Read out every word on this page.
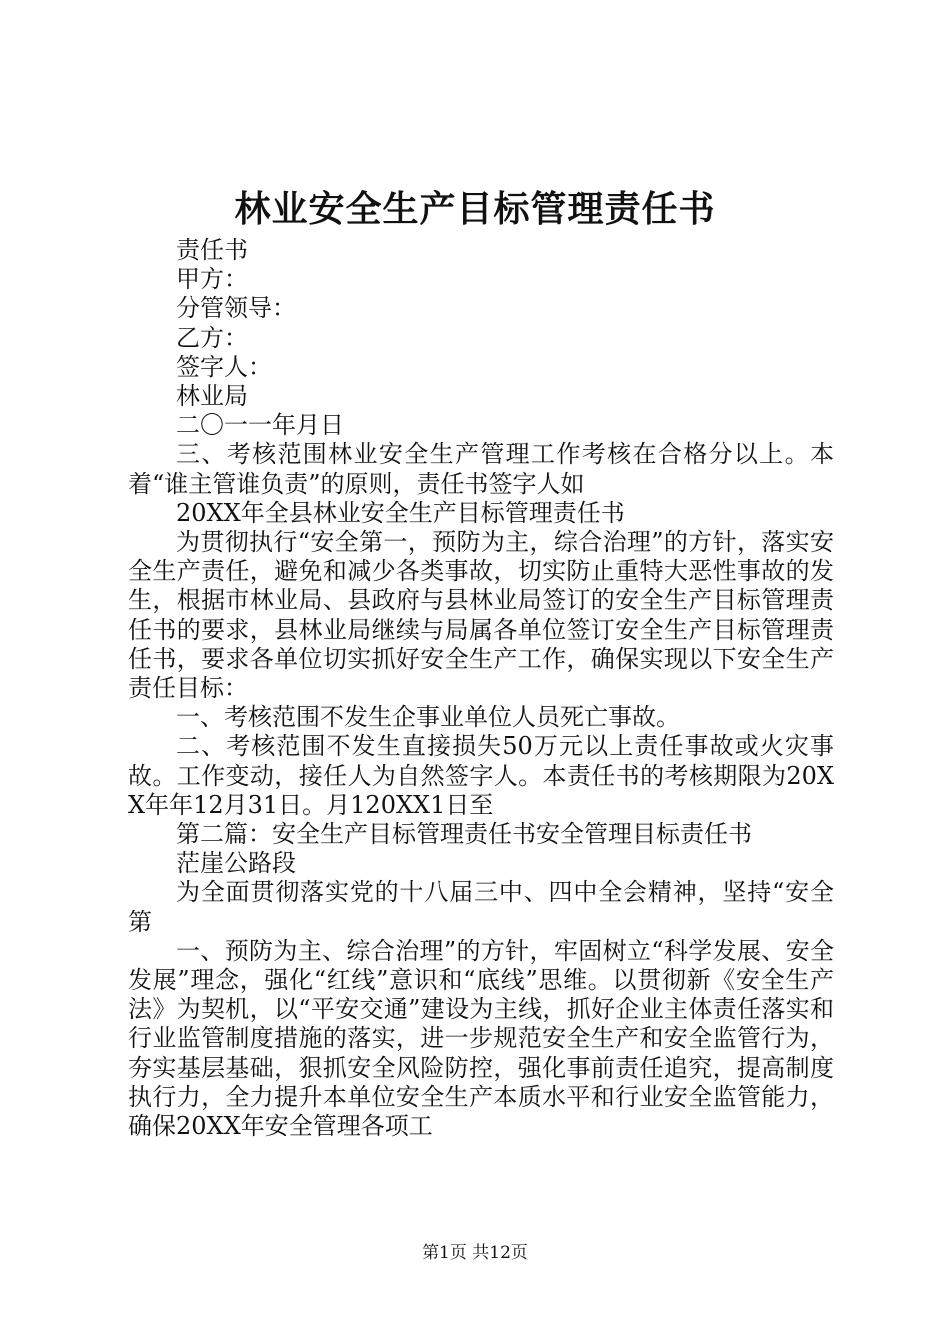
林业安全生产目标管理责任书

责任书

甲方：

分管领导：

乙方：

签字人：

林业局

二〇一一年月日

三、考核范围林业安全生产管理工作考核在合格分以上。本着“谁主管谁负责”的原则，责任书签字人如

20XX年全县林业安全生产目标管理责任书

为贯彻执行“安全第一，预防为主，综合治理”的方针，落实安全生产责任，避免和减少各类事故，切实防止重特大恶性事故的发生，根据市林业局、县政府与县林业局签订的安全生产目标管理责任书的要求，县林业局继续与局属各单位签订安全生产目标管理责任书，要求各单位切实抓好安全生产工作，确保实现以下安全生产责任目标：

一、考核范围不发生企事业单位人员死亡事故。

二、考核范围不发生直接损失50万元以上责任事故或火灾事故。工作变动，接任人为自然签字人。本责任书的考核期限为20XX年年12月31日。月120XX1日至

第二篇：安全生产目标管理责任书安全管理目标责任书

茫崖公路段

为全面贯彻落实党的十八届三中、四中全会精神，坚持“安全第

一、预防为主、综合治理”的方针，牢固树立“科学发展、安全发展”理念，强化“红线”意识和“底线”思维。以贯彻新《安全生产法》为契机，以“平安交通”建设为主线，抓好企业主体责任落实和行业监管制度措施的落实，进一步规范安全生产和安全监管行为，夯实基层基础，狠抓安全风险防控，强化事前责任追究，提高制度执行力，全力提升本单位安全生产本质水平和行业安全监管能力，确保20XX年安全管理各项工

第1页 共12页
